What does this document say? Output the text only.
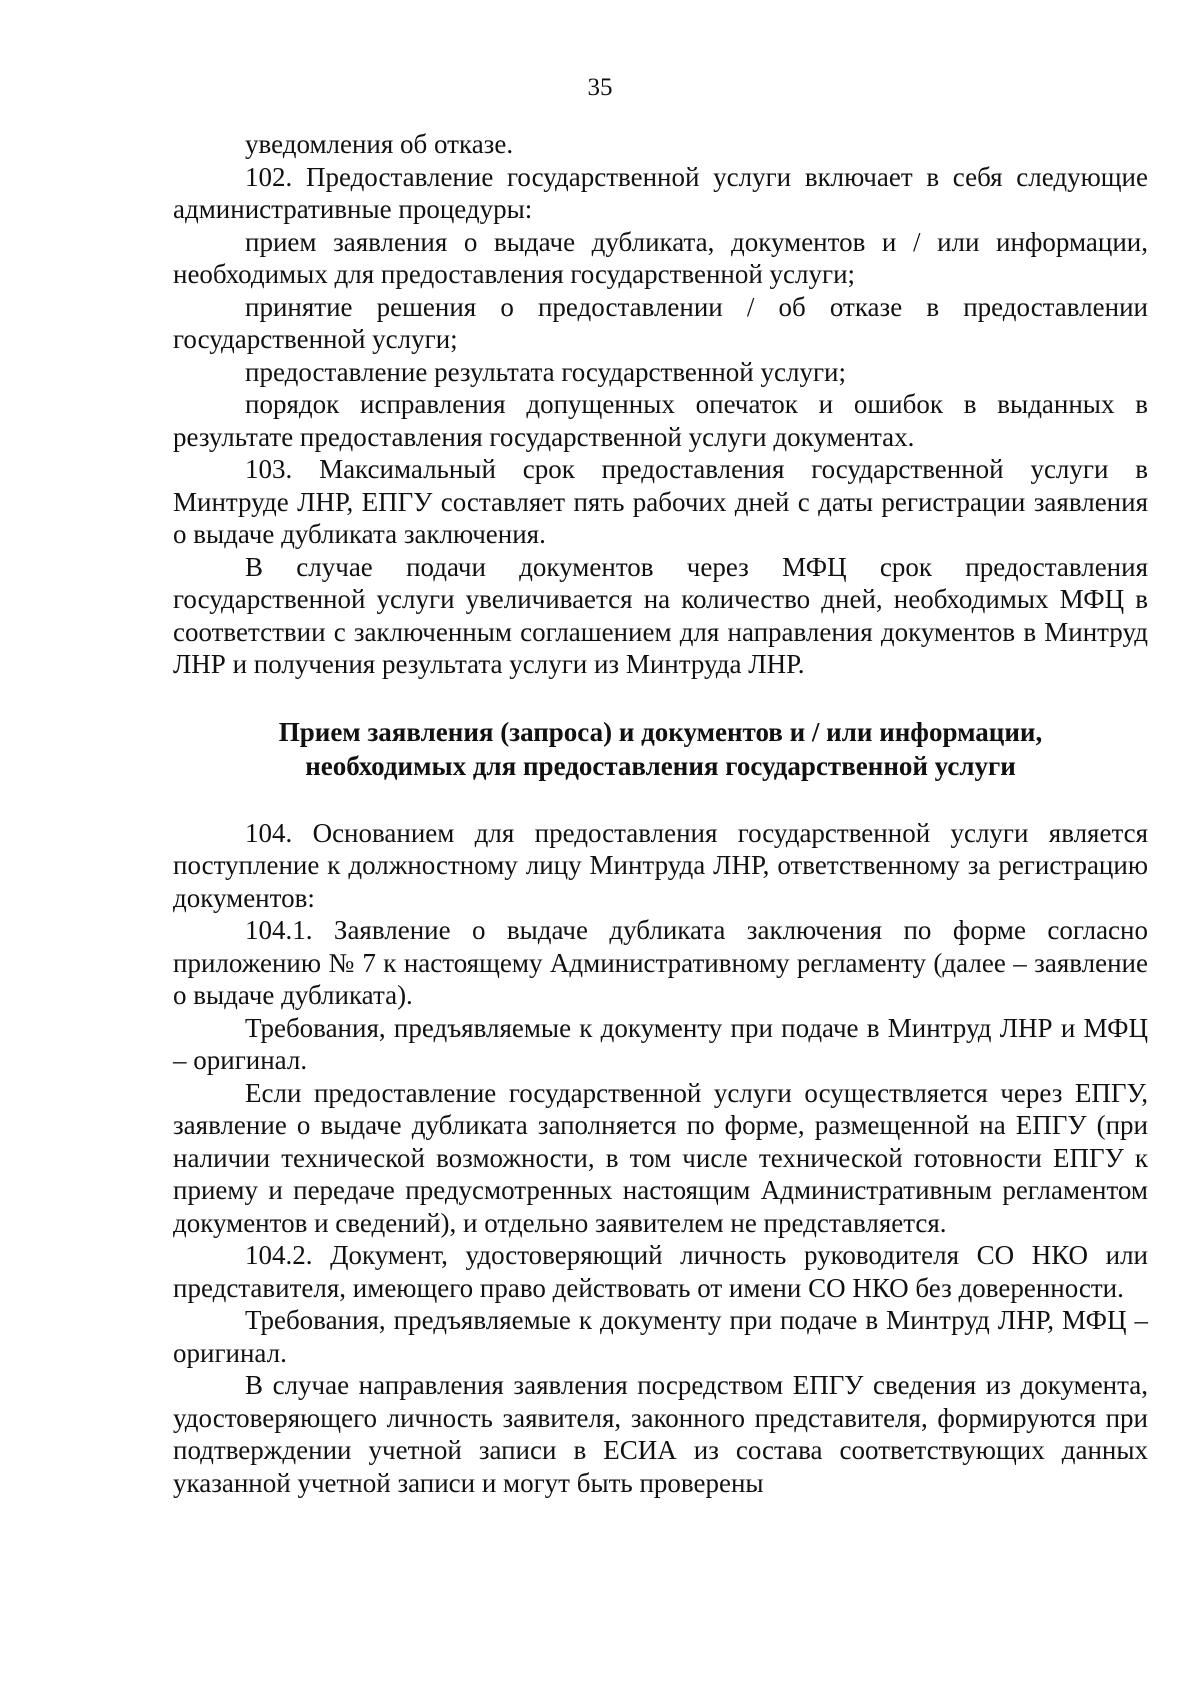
35

уведомления об отказе.

102. Предоставление государственной услуги включает в себя следующие административные процедуры:

прием заявления о выдаче дубликата, документов и / или информации, необходимых для предоставления государственной услуги;

принятие решения о предоставлении / об отказе в предоставлении государственной услуги;

предоставление результата государственной услуги;

порядок исправления допущенных опечаток и ошибок в выданных в результате предоставления государственной услуги документах.

103. Максимальный срок предоставления государственной услуги в Минтруде ЛНР, ЕПГУ составляет пять рабочих дней с даты регистрации заявления о выдаче дубликата заключения.

В случае подачи документов через МФЦ срок предоставления государственной услуги увеличивается на количество дней, необходимых МФЦ в соответствии с заключенным соглашением для направления документов в Минтруд ЛНР и получения результата услуги из Минтруда ЛНР.

Прием заявления (запроса) и документов и / или информации,
необходимых для предоставления государственной услуги

104. Основанием для предоставления государственной услуги является поступление к должностному лицу Минтруда ЛНР, ответственному за регистрацию документов:

104.1. Заявление о выдаче дубликата заключения по форме согласно приложению № 7 к настоящему Административному регламенту (далее – заявление о выдаче дубликата).

Требования, предъявляемые к документу при подаче в Минтруд ЛНР и МФЦ – оригинал.

Если предоставление государственной услуги осуществляется через ЕПГУ, заявление о выдаче дубликата заполняется по форме, размещенной на ЕПГУ (при наличии технической возможности, в том числе технической готовности ЕПГУ к приему и передаче предусмотренных настоящим Административным регламентом документов и сведений), и отдельно заявителем не представляется.

104.2. Документ, удостоверяющий личность руководителя СО НКО или представителя, имеющего право действовать от имени СО НКО без доверенности.

Требования, предъявляемые к документу при подаче в Минтруд ЛНР, МФЦ – оригинал.

В случае направления заявления посредством ЕПГУ сведения из документа, удостоверяющего личность заявителя, законного представителя, формируются при подтверждении учетной записи в ЕСИА из состава соответствующих данных указанной учетной записи и могут быть проверены
